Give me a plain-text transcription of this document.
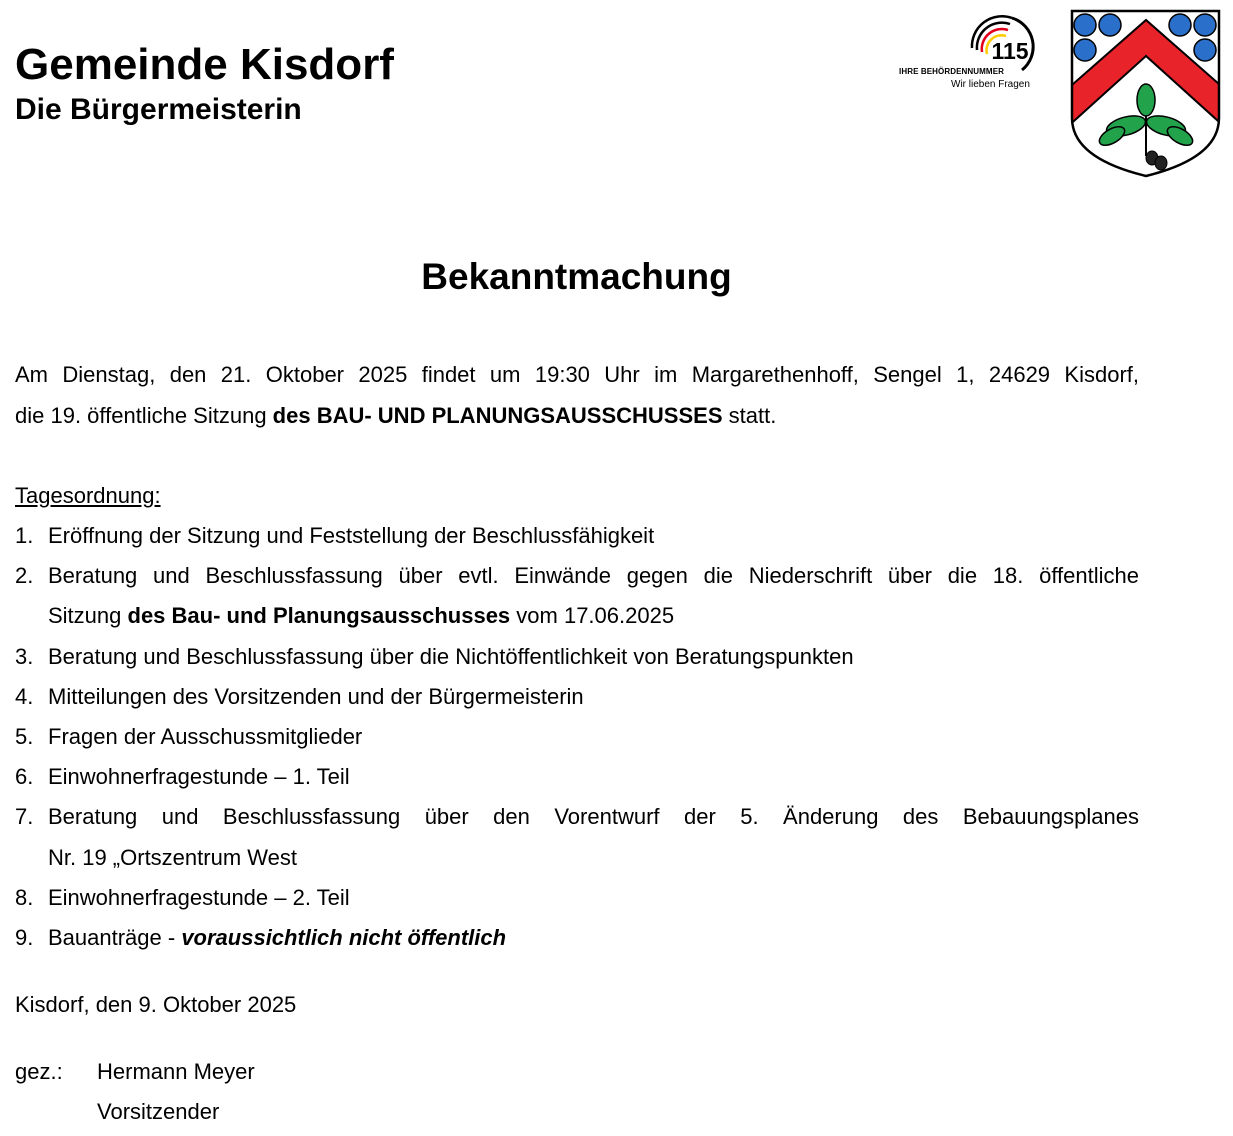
Gemeinde Kisdorf
Die Bürgermeisterin
115
IHRE BEHÖRDENNUMMER
Wir lieben Fragen
Bekanntmachung
Am Dienstag, den 21. Oktober 2025 findet um 19:30 Uhr im Margarethenhoff, Sengel 1, 24629 Kisdorf,
die 19. öffentliche Sitzung des BAU- UND PLANUNGSAUSSCHUSSES statt.
Tagesordnung:
1. Eröffnung der Sitzung und Feststellung der Beschlussfähigkeit
2. Beratung und Beschlussfassung über evtl. Einwände gegen die Niederschrift über die 18. öffentliche
Sitzung des Bau- und Planungsausschusses vom 17.06.2025
3. Beratung und Beschlussfassung über die Nichtöffentlichkeit von Beratungspunkten
4. Mitteilungen des Vorsitzenden und der Bürgermeisterin
5. Fragen der Ausschussmitglieder
6. Einwohnerfragestunde – 1. Teil
7. Beratung und Beschlussfassung über den Vorentwurf der 5. Änderung des Bebauungsplanes
Nr. 19 „Ortszentrum West
8. Einwohnerfragestunde – 2. Teil
9. Bauanträge - voraussichtlich nicht öffentlich
Kisdorf, den 9. Oktober 2025
gez.: Hermann Meyer
Vorsitzender
